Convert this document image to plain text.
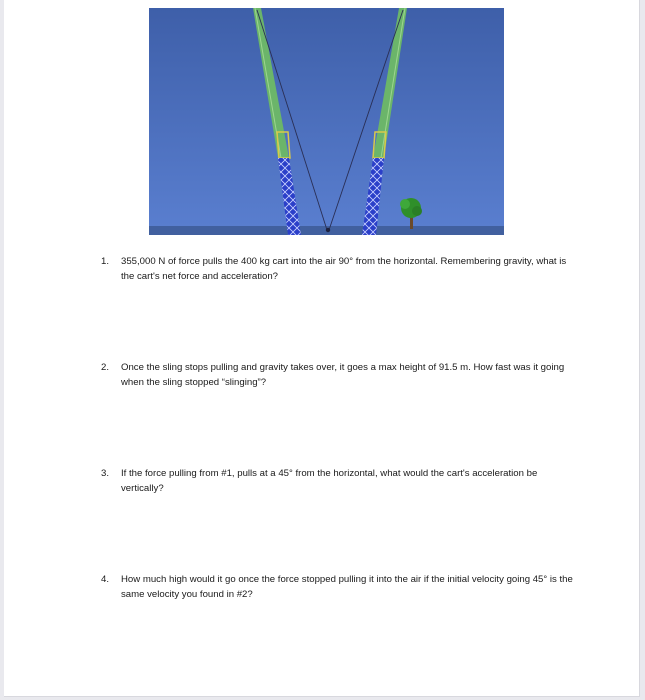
1. 355,000 N of force pulls the 400 kg cart into the air 90° from the horizontal. Remembering gravity, what is the cart's net force and acceleration?
2. Once the sling stops pulling and gravity takes over, it goes a max height of 91.5 m. How fast was it going when the sling stopped “slinging”?
3. If the force pulling from #1, pulls at a 45° from the horizontal, what would the cart's acceleration be vertically?
4. How much high would it go once the force stopped pulling it into the air if the initial velocity going 45° is the same velocity you found in #2?
